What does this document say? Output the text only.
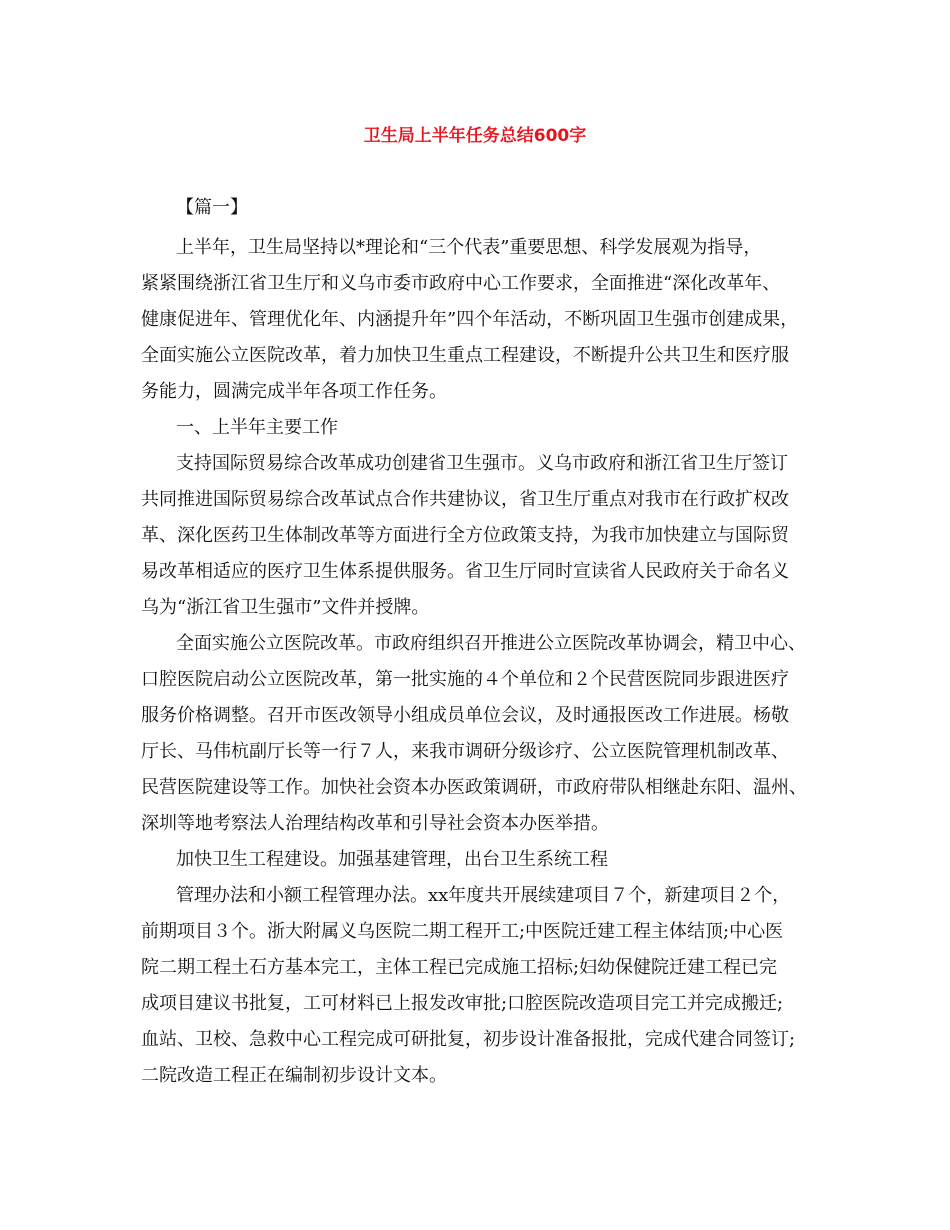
卫生局上半年任务总结600字
【篇一】
上半年，卫生局坚持以*理论和“三个代表”重要思想、科学发展观为指导，
紧紧围绕浙江省卫生厅和义乌市委市政府中心工作要求，全面推进“深化改革年、
健康促进年、管理优化年、内涵提升年”四个年活动，不断巩固卫生强市创建成果，
全面实施公立医院改革，着力加快卫生重点工程建设，不断提升公共卫生和医疗服
务能力，圆满完成半年各项工作任务。
一、上半年主要工作
支持国际贸易综合改革成功创建省卫生强市。义乌市政府和浙江省卫生厅签订
共同推进国际贸易综合改革试点合作共建协议，省卫生厅重点对我市在行政扩权改
革、深化医药卫生体制改革等方面进行全方位政策支持，为我市加快建立与国际贸
易改革相适应的医疗卫生体系提供服务。省卫生厅同时宣读省人民政府关于命名义
乌为“浙江省卫生强市”文件并授牌。
全面实施公立医院改革。市政府组织召开推进公立医院改革协调会，精卫中心、
口腔医院启动公立医院改革，第一批实施的４个单位和２个民营医院同步跟进医疗
服务价格调整。召开市医改领导小组成员单位会议，及时通报医改工作进展。杨敬
厅长、马伟杭副厅长等一行７人，来我市调研分级诊疗、公立医院管理机制改革、
民营医院建设等工作。加快社会资本办医政策调研，市政府带队相继赴东阳、温州、
深圳等地考察法人治理结构改革和引导社会资本办医举措。
加快卫生工程建设。加强基建管理，出台卫生系统工程
管理办法和小额工程管理办法。xx年度共开展续建项目７个，新建项目２个，
前期项目３个。浙大附属义乌医院二期工程开工;中医院迁建工程主体结顶;中心医
院二期工程土石方基本完工，主体工程已完成施工招标;妇幼保健院迁建工程已完
成项目建议书批复，工可材料已上报发改审批;口腔医院改造项目完工并完成搬迁;
血站、卫校、急救中心工程完成可研批复，初步设计准备报批，完成代建合同签订;
二院改造工程正在编制初步设计文本。
